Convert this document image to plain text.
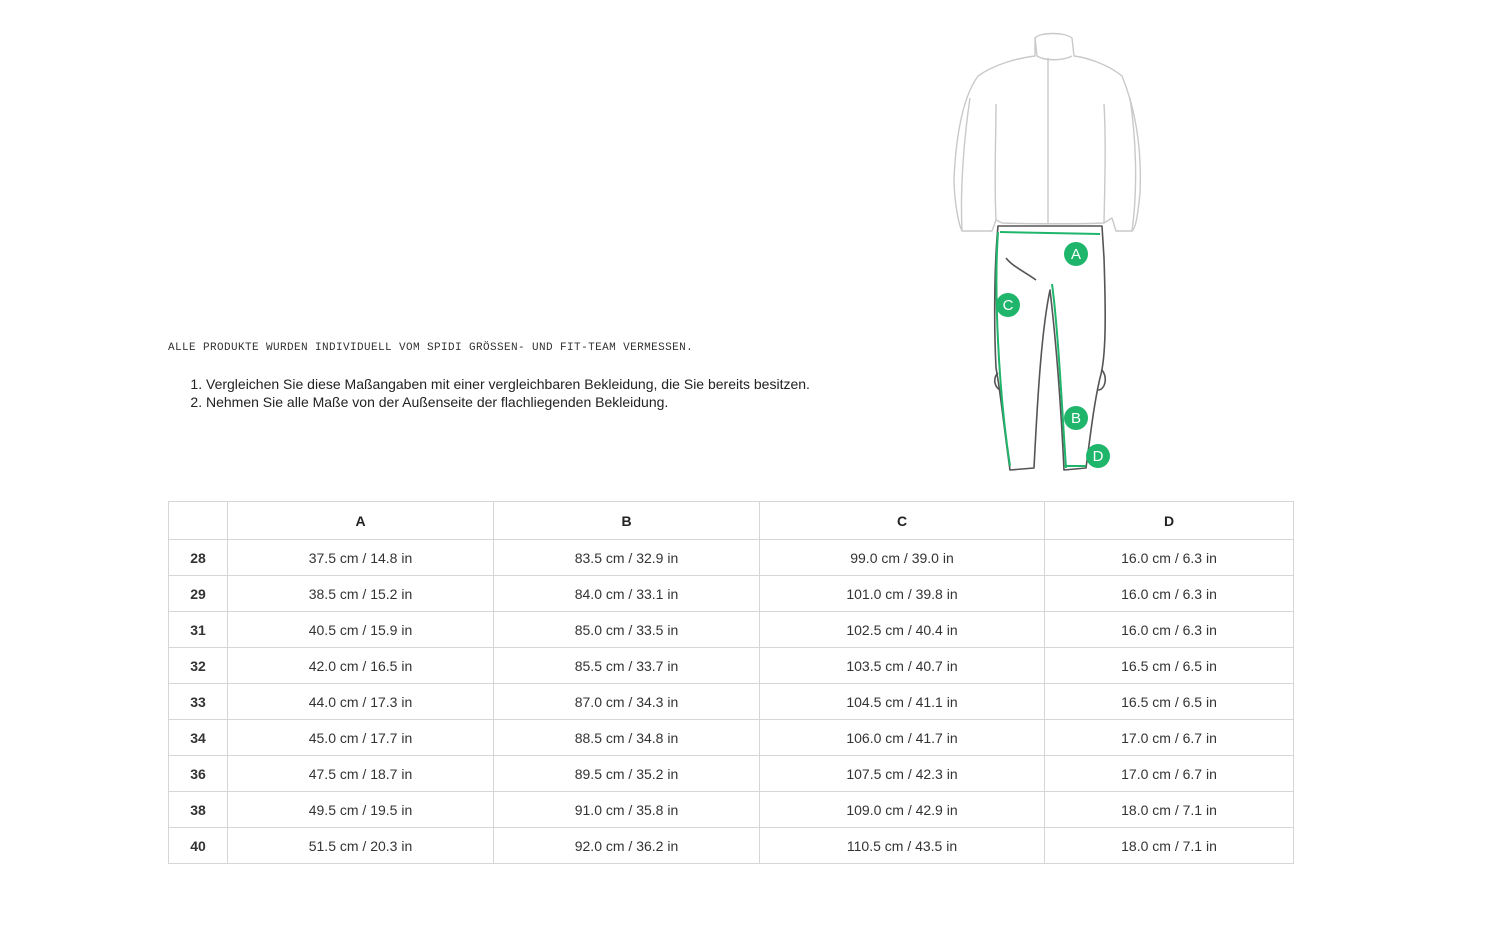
ALLE PRODUKTE WURDEN INDIVIDUELL VOM SPIDI GRÖSSEN- UND FIT-TEAM VERMESSEN.
1. Vergleichen Sie diese Maßangaben mit einer vergleichbaren Bekleidung, die Sie bereits besitzen.
2. Nehmen Sie alle Maße von der Außenseite der flachliegenden Bekleidung.
A
B
C
D
	A	B	C	D
28	37.5 cm / 14.8 in	83.5 cm / 32.9 in	99.0 cm / 39.0 in	16.0 cm / 6.3 in
29	38.5 cm / 15.2 in	84.0 cm / 33.1 in	101.0 cm / 39.8 in	16.0 cm / 6.3 in
31	40.5 cm / 15.9 in	85.0 cm / 33.5 in	102.5 cm / 40.4 in	16.0 cm / 6.3 in
32	42.0 cm / 16.5 in	85.5 cm / 33.7 in	103.5 cm / 40.7 in	16.5 cm / 6.5 in
33	44.0 cm / 17.3 in	87.0 cm / 34.3 in	104.5 cm / 41.1 in	16.5 cm / 6.5 in
34	45.0 cm / 17.7 in	88.5 cm / 34.8 in	106.0 cm / 41.7 in	17.0 cm / 6.7 in
36	47.5 cm / 18.7 in	89.5 cm / 35.2 in	107.5 cm / 42.3 in	17.0 cm / 6.7 in
38	49.5 cm / 19.5 in	91.0 cm / 35.8 in	109.0 cm / 42.9 in	18.0 cm / 7.1 in
40	51.5 cm / 20.3 in	92.0 cm / 36.2 in	110.5 cm / 43.5 in	18.0 cm / 7.1 in
